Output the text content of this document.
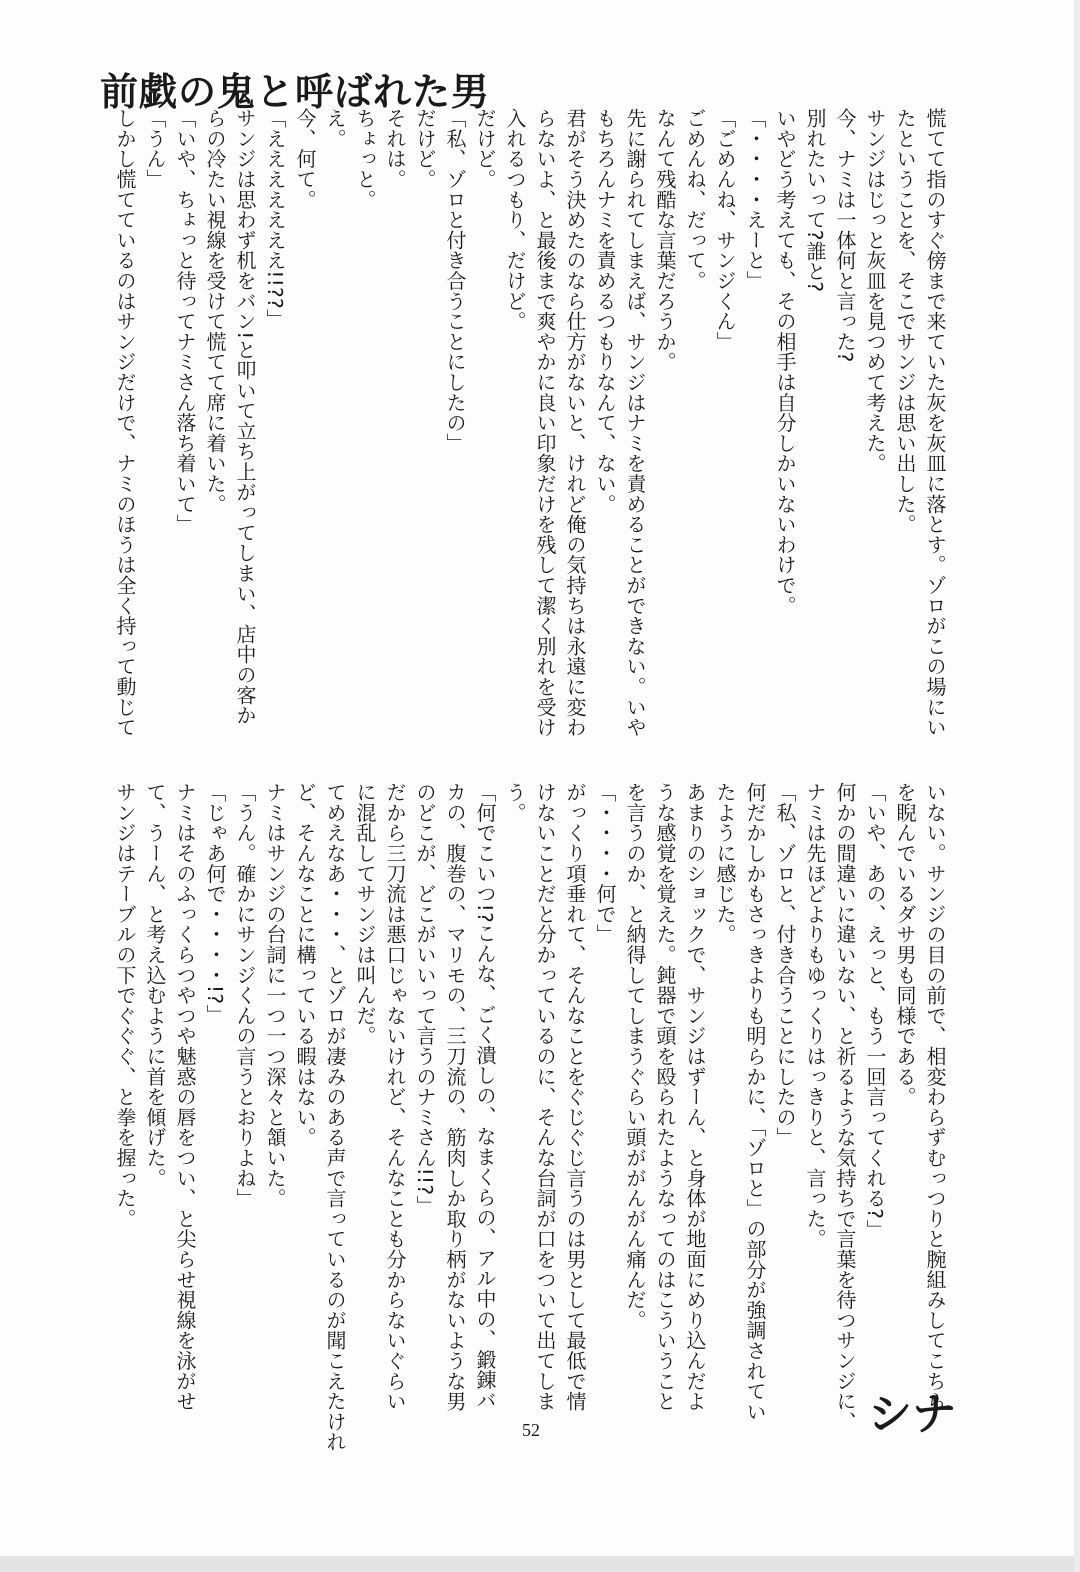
前戯の鬼と呼ばれた男
慌てて指のすぐ傍まで来ていた灰を灰皿に落とす。ゾロがこの場にい
たということを、そこでサンジは思い出した。
サンジはじっと灰皿を見つめて考えた。
今、ナミは一体何と言った?
別れたいって?誰と?
いやどう考えても、その相手は自分しかいないわけで。
「・・・・えーと」
「ごめんね、サンジくん」
ごめんね、だって。
なんて残酷な言葉だろうか。
先に謝られてしまえば、サンジはナミを責めることができない。いや
もちろんナミを責めるつもりなんて、ない。
君がそう決めたのなら仕方がないと、けれど俺の気持ちは永遠に変わ
らないよ、と最後まで爽やかに良い印象だけを残して潔く別れを受け
入れるつもり、だけど。
だけど。
「私、ゾロと付き合うことにしたの」
だけど。
それは。
ちょっと。
え。
今、何て。
「えええええええ!!??」
サンジは思わず机をバン!と叩いて立ち上がってしまい、店中の客か
らの冷たい視線を受けて慌てて席に着いた。
「いや、ちょっと待ってナミさん落ち着いて」
「うん」
しかし慌てているのはサンジだけで、ナミのほうは全く持って動じて
いない。サンジの目の前で、相変わらずむっつりと腕組みしてこちら
を睨んでいるダサ男も同様である。
「いや、あの、えっと、もう一回言ってくれる?」
何かの間違いに違いない、と祈るような気持ちで言葉を待つサンジに、
ナミは先ほどよりもゆっくりはっきりと、言った。
「私、ゾロと、付き合うことにしたの」
何だかしかもさっきよりも明らかに、「ゾロと」の部分が強調されてい
たように感じた。
あまりのショックで、サンジはずーん、と身体が地面にめり込んだよ
うな感覚を覚えた。鈍器で頭を殴られたようなってのはこういうこと
を言うのか、と納得してしまうぐらい頭ががんがん痛んだ。
「・・・・何で」
がっくり項垂れて、そんなことをぐじぐじ言うのは男として最低で情
けないことだと分かっているのに、そんな台詞が口をついて出てしま
う。
「何でこいつ!?こんな、ごく潰しの、なまくらの、アル中の、鍛錬バ
カの、腹巻の、マリモの、三刀流の、筋肉しか取り柄がないような男
のどこが、どこがいいって言うのナミさん!!?」
だから三刀流は悪口じゃないけれど、そんなことも分からないぐらい
に混乱してサンジは叫んだ。
てめえなあ・・・、とゾロが凄みのある声で言っているのが聞こえたけれ
ど、そんなことに構っている暇はない。
ナミはサンジの台詞に一つ一つ深々と頷いた。
「うん。確かにサンジくんの言うとおりよね」
「じゃあ何で・・・・!?」
ナミはそのふっくらつやつや魅惑の唇をつい、と尖らせ視線を泳がせ
て、うーん、と考え込むように首を傾げた。
サンジはテーブルの下でぐぐぐ、と拳を握った。
シナ
52
